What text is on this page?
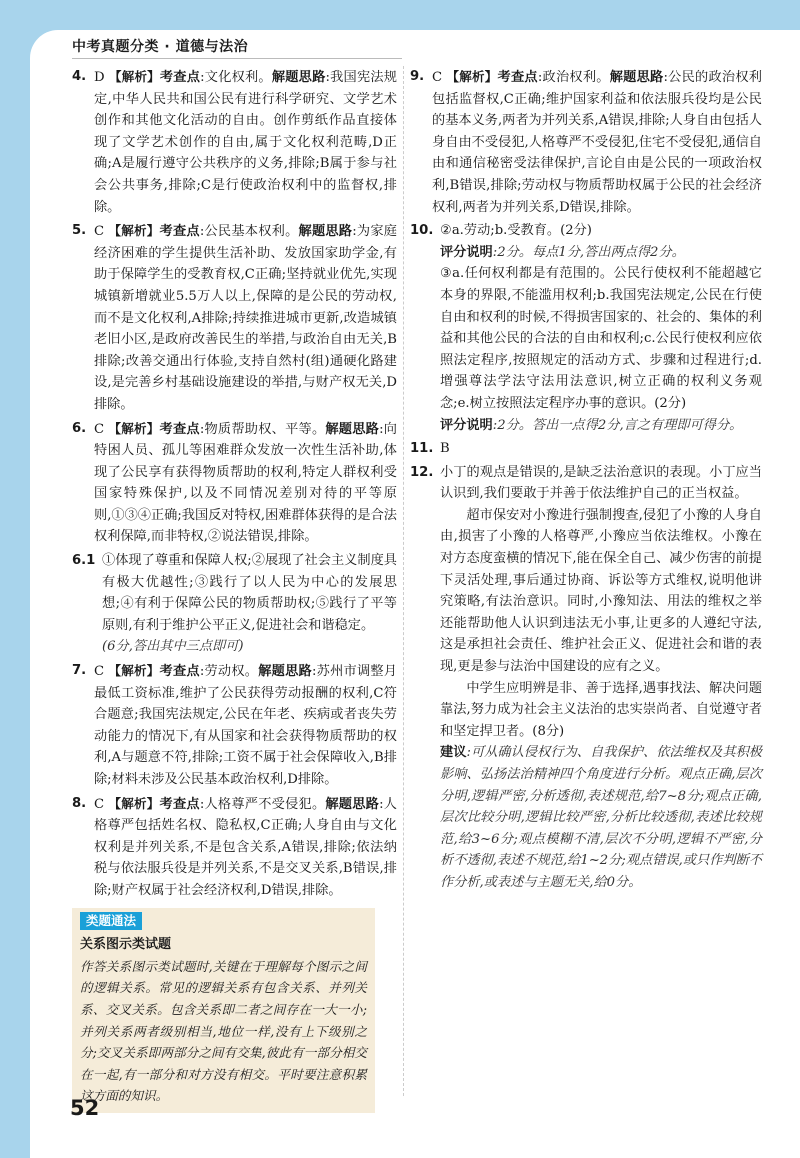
中考真题分类 · 道德与法治
4. D 【解析】考查点:文化权利。解题思路:我国宪法规定,中华人民共和国公民有进行科学研究、文学艺术创作和其他文化活动的自由。创作剪纸作品直接体现了文学艺术创作的自由,属于文化权利范畴,D正确;A是履行遵守公共秩序的义务,排除;B属于参与社会公共事务,排除;C是行使政治权利中的监督权,排除。
5. C 【解析】考查点:公民基本权利。解题思路:为家庭经济困难的学生提供生活补助、发放国家助学金,有助于保障学生的受教育权,C正确;坚持就业优先,实现城镇新增就业5.5万人以上,保障的是公民的劳动权,而不是文化权利,A排除;持续推进城市更新,改造城镇老旧小区,是政府改善民生的举措,与政治自由无关,B排除;改善交通出行体验,支持自然村(组)通硬化路建设,是完善乡村基础设施建设的举措,与财产权无关,D排除。
6. C 【解析】考查点:物质帮助权、平等。解题思路:向特困人员、孤儿等困难群众发放一次性生活补助,体现了公民享有获得物质帮助的权利,特定人群权利受国家特殊保护,以及不同情况差别对待的平等原则,①③④正确;我国反对特权,困难群体获得的是合法权利保障,而非特权,②说法错误,排除。
6.1 ①体现了尊重和保障人权;②展现了社会主义制度具有极大优越性;③践行了以人民为中心的发展思想;④有利于保障公民的物质帮助权;⑤践行了平等原则,有利于维护公平正义,促进社会和谐稳定。
(6分,答出其中三点即可)
7. C 【解析】考查点:劳动权。解题思路:苏州市调整月最低工资标准,维护了公民获得劳动报酬的权利,C符合题意;我国宪法规定,公民在年老、疾病或者丧失劳动能力的情况下,有从国家和社会获得物质帮助的权利,A与题意不符,排除;工资不属于社会保障收入,B排除;材料未涉及公民基本政治权利,D排除。
8. C 【解析】考查点:人格尊严不受侵犯。解题思路:人格尊严包括姓名权、隐私权,C正确;人身自由与文化权利是并列关系,不是包含关系,A错误,排除;依法纳税与依法服兵役是并列关系,不是交叉关系,B错误,排除;财产权属于社会经济权利,D错误,排除。
类题通法
关系图示类试题
作答关系图示类试题时,关键在于理解每个图示之间的逻辑关系。常见的逻辑关系有包含关系、并列关系、交叉关系。包含关系即二者之间存在一大一小;并列关系两者级别相当,地位一样,没有上下级别之分;交叉关系即两部分之间有交集,彼此有一部分相交在一起,有一部分和对方没有相交。平时要注意积累这方面的知识。
9. C 【解析】考查点:政治权利。解题思路:公民的政治权利包括监督权,C正确;维护国家利益和依法服兵役均是公民的基本义务,两者为并列关系,A错误,排除;人身自由包括人身自由不受侵犯,人格尊严不受侵犯,住宅不受侵犯,通信自由和通信秘密受法律保护,言论自由是公民的一项政治权利,B错误,排除;劳动权与物质帮助权属于公民的社会经济权利,两者为并列关系,D错误,排除。
10. ②a.劳动;b.受教育。(2分)
评分说明:2分。每点1分,答出两点得2分。
③a.任何权利都是有范围的。公民行使权利不能超越它本身的界限,不能滥用权利;b.我国宪法规定,公民在行使自由和权利的时候,不得损害国家的、社会的、集体的利益和其他公民的合法的自由和权利;c.公民行使权利应依照法定程序,按照规定的活动方式、步骤和过程进行;d.增强尊法学法守法用法意识,树立正确的权利义务观念;e.树立按照法定程序办事的意识。(2分)
评分说明:2分。答出一点得2分,言之有理即可得分。
11. B
12. 小丁的观点是错误的,是缺乏法治意识的表现。小丁应当认识到,我们要敢于并善于依法维护自己的正当权益。

超市保安对小豫进行强制搜查,侵犯了小豫的人身自由,损害了小豫的人格尊严,小豫应当依法维权。小豫在对方态度蛮横的情况下,能在保全自己、减少伤害的前提下灵活处理,事后通过协商、诉讼等方式维权,说明他讲究策略,有法治意识。同时,小豫知法、用法的维权之举还能帮助他人认识到违法无小事,让更多的人遵纪守法,这是承担社会责任、维护社会正义、促进社会和谐的表现,更是参与法治中国建设的应有之义。

中学生应明辨是非、善于选择,遇事找法、解决问题靠法,努力成为社会主义法治的忠实崇尚者、自觉遵守者和坚定捍卫者。(8分)

建议:可从确认侵权行为、自我保护、依法维权及其积极影响、弘扬法治精神四个角度进行分析。观点正确,层次分明,逻辑严密,分析透彻,表述规范,给7~8分;观点正确,层次比较分明,逻辑比较严密,分析比较透彻,表述比较规范,给3~6分;观点模糊不清,层次不分明,逻辑不严密,分析不透彻,表述不规范,给1~2分;观点错误,或只作判断不作分析,或表述与主题无关,给0分。
52
